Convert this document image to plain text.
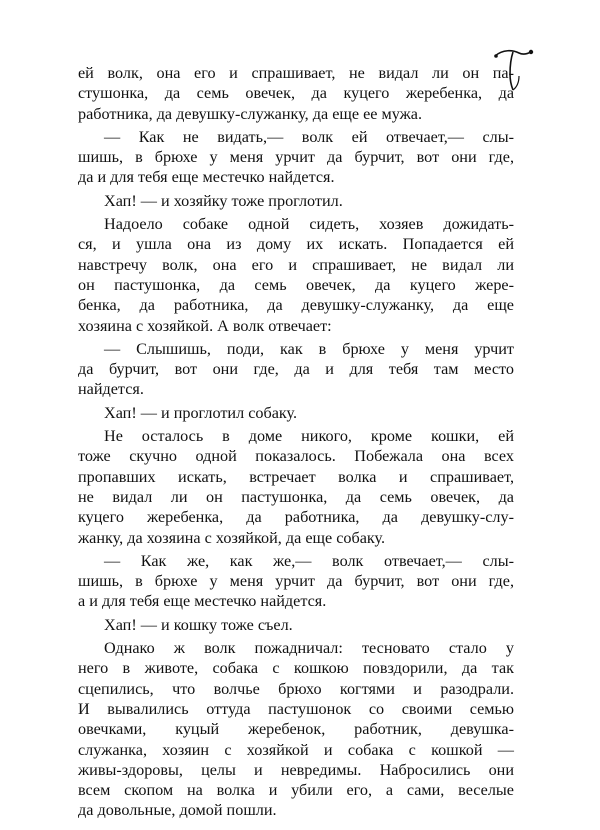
ей волк, она его и спрашивает, не видал ли он па-
стушонка, да семь овечек, да куцего жеребенка, да
работника, да девушку-служанку, да еще ее мужа.

— Как не видать,— волк ей отвечает,— слы-
шишь, в брюхе у меня урчит да бурчит, вот они где,
да и для тебя еще местечко найдется.

Хап! — и хозяйку тоже проглотил.

Надоело собаке одной сидеть, хозяев дожидать-
ся, и ушла она из дому их искать. Попадается ей
навстречу волк, она его и спрашивает, не видал ли
он пастушонка, да семь овечек, да куцего жере-
бенка, да работника, да девушку-служанку, да еще
хозяина с хозяйкой. А волк отвечает:

— Слышишь, поди, как в брюхе у меня урчит
да бурчит, вот они где, да и для тебя там место
найдется.

Хап! — и проглотил собаку.

Не осталось в доме никого, кроме кошки, ей
тоже скучно одной показалось. Побежала она всех
пропавших искать, встречает волка и спрашивает,
не видал ли он пастушонка, да семь овечек, да
куцего жеребенка, да работника, да девушку-слу-
жанку, да хозяина с хозяйкой, да еще собаку.

— Как же, как же,— волк отвечает,— слы-
шишь, в брюхе у меня урчит да бурчит, вот они где,
а и для тебя еще местечко найдется.

Хап! — и кошку тоже съел.

Однако ж волк пожадничал: тесновато стало у
него в животе, собака с кошкою повздорили, да так
сцепились, что волчье брюхо когтями и разодрали.
И вывалились оттуда пастушонок со своими семью
овечками, куцый жеребенок, работник, девушка-
служанка, хозяин с хозяйкой и собака с кошкой —
живы-здоровы, целы и невредимы. Набросились они
всем скопом на волка и убили его, а сами, веселые
да довольные, домой пошли.
